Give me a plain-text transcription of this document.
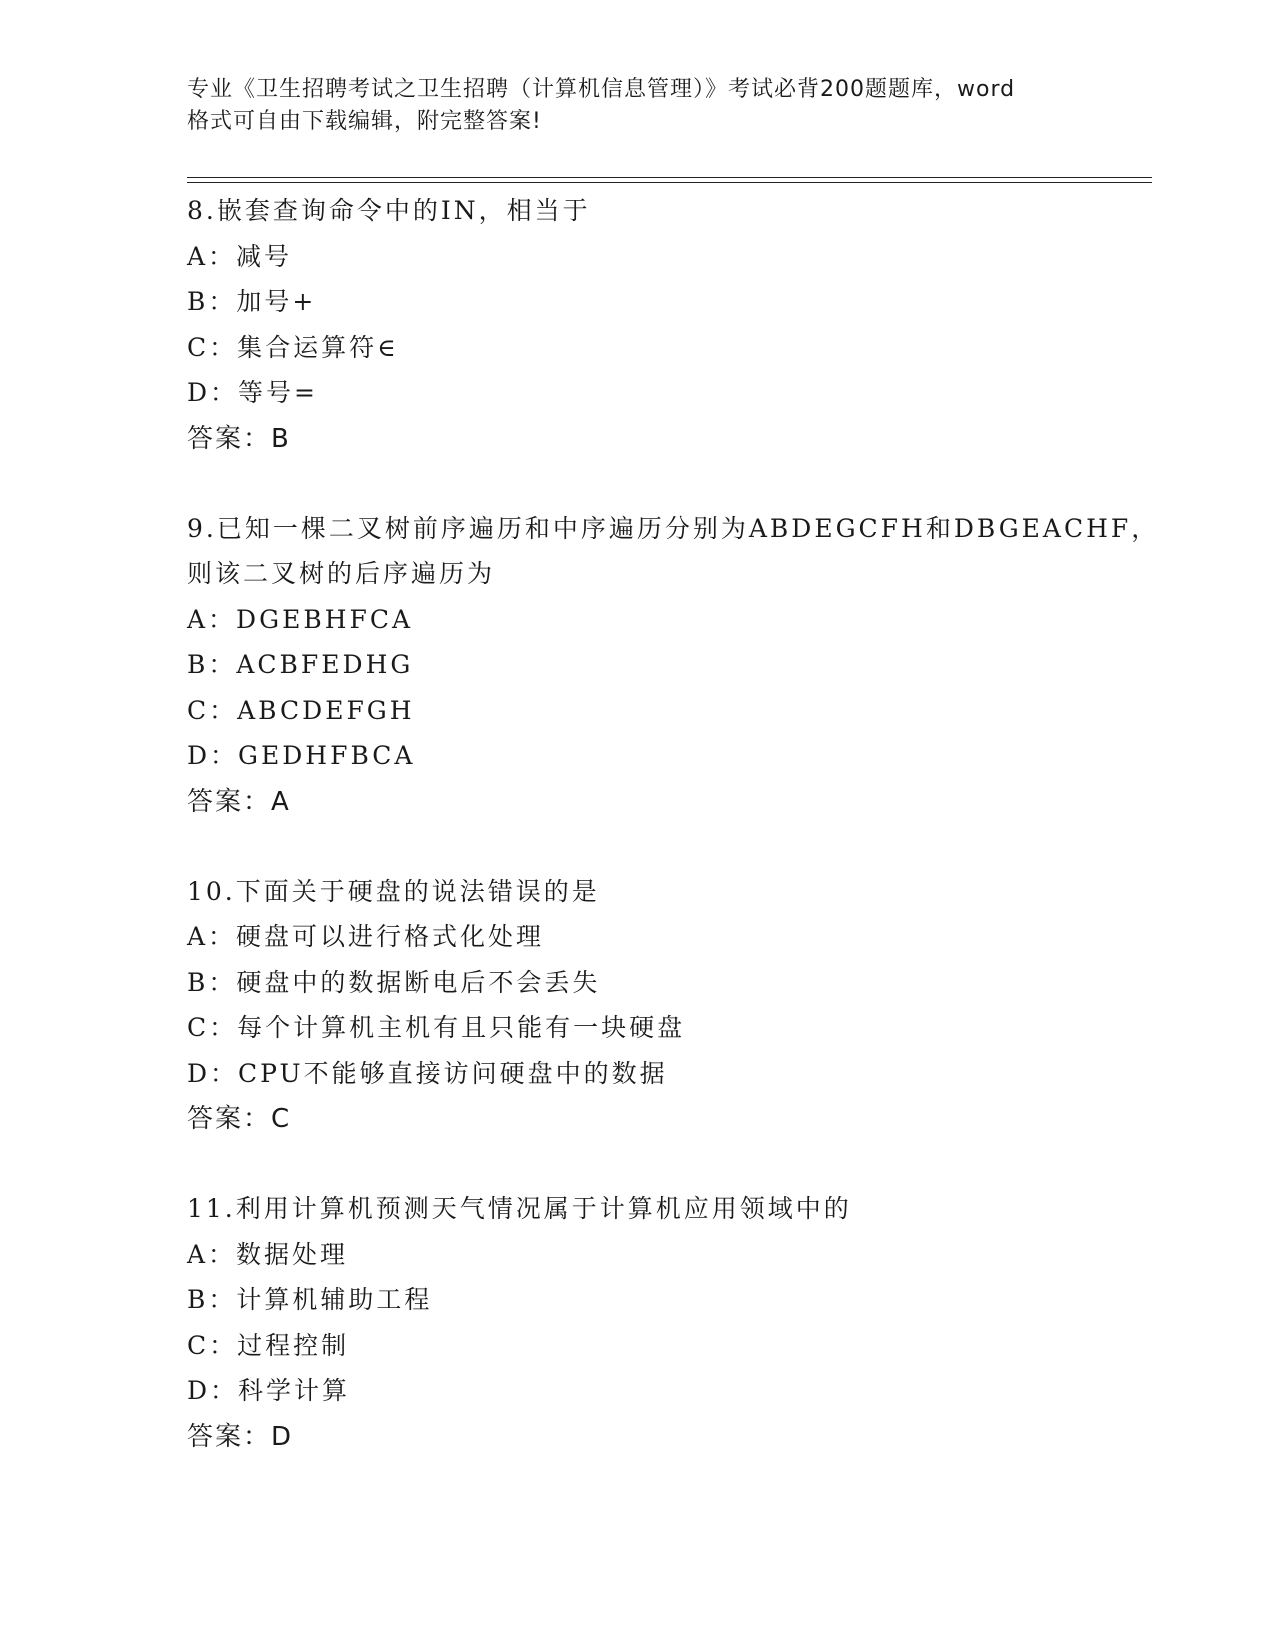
专业《卫生招聘考试之卫生招聘（计算机信息管理）》考试必背200题题库，word
格式可自由下载编辑，附完整答案!
8.嵌套查询命令中的IN，相当于
A：减号
B：加号+
C：集合运算符∈
D：等号=
答案：B
9.已知一棵二叉树前序遍历和中序遍历分别为ABDEGCFH和DBGEACHF，
则该二叉树的后序遍历为
A：DGEBHFCA
B：ACBFEDHG
C：ABCDEFGH
D：GEDHFBCA
答案：A
10.下面关于硬盘的说法错误的是
A：硬盘可以进行格式化处理
B：硬盘中的数据断电后不会丢失
C：每个计算机主机有且只能有一块硬盘
D：CPU不能够直接访问硬盘中的数据
答案：C
11.利用计算机预测天气情况属于计算机应用领域中的
A：数据处理
B：计算机辅助工程
C：过程控制
D：科学计算
答案：D
